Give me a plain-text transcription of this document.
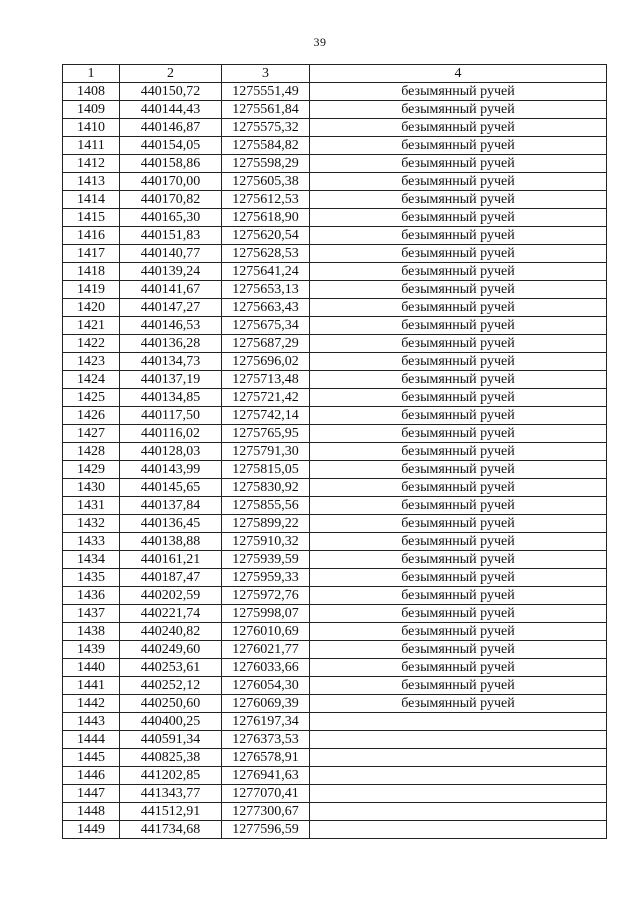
39
1	2	3	4
1408	440150,72	1275551,49	безымянный ручей
1409	440144,43	1275561,84	безымянный ручей
1410	440146,87	1275575,32	безымянный ручей
1411	440154,05	1275584,82	безымянный ручей
1412	440158,86	1275598,29	безымянный ручей
1413	440170,00	1275605,38	безымянный ручей
1414	440170,82	1275612,53	безымянный ручей
1415	440165,30	1275618,90	безымянный ручей
1416	440151,83	1275620,54	безымянный ручей
1417	440140,77	1275628,53	безымянный ручей
1418	440139,24	1275641,24	безымянный ручей
1419	440141,67	1275653,13	безымянный ручей
1420	440147,27	1275663,43	безымянный ручей
1421	440146,53	1275675,34	безымянный ручей
1422	440136,28	1275687,29	безымянный ручей
1423	440134,73	1275696,02	безымянный ручей
1424	440137,19	1275713,48	безымянный ручей
1425	440134,85	1275721,42	безымянный ручей
1426	440117,50	1275742,14	безымянный ручей
1427	440116,02	1275765,95	безымянный ручей
1428	440128,03	1275791,30	безымянный ручей
1429	440143,99	1275815,05	безымянный ручей
1430	440145,65	1275830,92	безымянный ручей
1431	440137,84	1275855,56	безымянный ручей
1432	440136,45	1275899,22	безымянный ручей
1433	440138,88	1275910,32	безымянный ручей
1434	440161,21	1275939,59	безымянный ручей
1435	440187,47	1275959,33	безымянный ручей
1436	440202,59	1275972,76	безымянный ручей
1437	440221,74	1275998,07	безымянный ручей
1438	440240,82	1276010,69	безымянный ручей
1439	440249,60	1276021,77	безымянный ручей
1440	440253,61	1276033,66	безымянный ручей
1441	440252,12	1276054,30	безымянный ручей
1442	440250,60	1276069,39	безымянный ручей
1443	440400,25	1276197,34	
1444	440591,34	1276373,53	
1445	440825,38	1276578,91	
1446	441202,85	1276941,63	
1447	441343,77	1277070,41	
1448	441512,91	1277300,67	
1449	441734,68	1277596,59	
